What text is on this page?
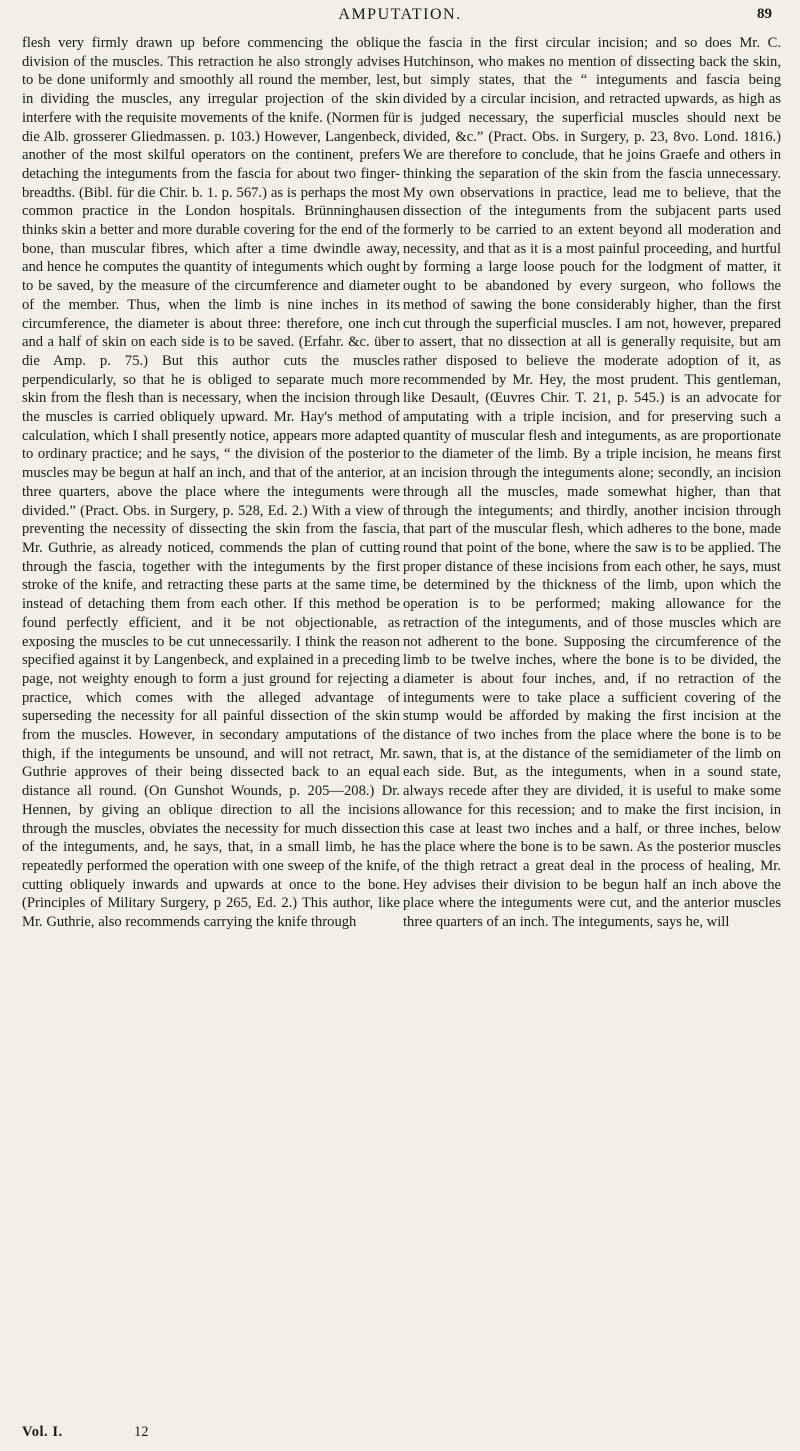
AMPUTATION.	89

flesh very firmly drawn up before commencing the oblique division of the muscles. This retraction he also strongly advises to be done uniformly and smoothly all round the member, lest, in dividing the muscles, any irregular projection of the skin interfere with the requisite movements of the knife. (Normen für die Alb. grosserer Gliedmassen. p. 103.) However, Langenbeck, another of the most skilful operators on the continent, prefers detaching the integuments from the fascia for about two finger-breadths. (Bibl. für die Chir. b. 1. p. 567.) as is perhaps the most common practice in the London hospitals. Brünninghausen thinks skin a better and more durable covering for the end of the bone, than muscular fibres, which after a time dwindle away, and hence he computes the quantity of integuments which ought to be saved, by the measure of the circumference and diameter of the member. Thus, when the limb is nine inches in its circumference, the diameter is about three: therefore, one inch and a half of skin on each side is to be saved. (Erfahr. &c. über die Amp. p. 75.) But this author cuts the muscles perpendicularly, so that he is obliged to separate much more skin from the flesh than is necessary, when the incision through the muscles is carried obliquely upward. Mr. Hay's method of calculation, which I shall presently notice, appears more adapted to ordinary practice; and he says, “ the division of the posterior muscles may be begun at half an inch, and that of the anterior, at three quarters, above the place where the integuments were divided.” (Pract. Obs. in Surgery, p. 528, Ed. 2.) With a view of preventing the necessity of dissecting the skin from the fascia, Mr. Guthrie, as already noticed, commends the plan of cutting through the fascia, together with the integuments by the first stroke of the knife, and retracting these parts at the same time, instead of detaching them from each other. If this method be found perfectly efficient, and it be not objectionable, as exposing the muscles to be cut unnecessarily. I think the reason specified against it by Langenbeck, and explained in a preceding page, not weighty enough to form a just ground for rejecting a practice, which comes with the alleged advantage of superseding the necessity for all painful dissection of the skin from the muscles. However, in secondary amputations of the thigh, if the integuments be unsound, and will not retract, Mr. Guthrie approves of their being dissected back to an equal distance all round. (On Gunshot Wounds, p. 205—208.) Dr. Hennen, by giving an oblique direction to all the incisions through the muscles, obviates the necessity for much dissection of the integuments, and, he says, that, in a small limb, he has repeatedly performed the operation with one sweep of the knife, cutting obliquely inwards and upwards at once to the bone. (Principles of Military Surgery, p 265, Ed. 2.) This author, like Mr. Guthrie, also recommends carrying the knife through

the fascia in the first circular incision; and so does Mr. C. Hutchinson, who makes no mention of dissecting back the skin, but simply states, that the “ integuments and fascia being divided by a circular incision, and retracted upwards, as high as is judged necessary, the superficial muscles should next be divided, &c.” (Pract. Obs. in Surgery, p. 23, 8vo. Lond. 1816.) We are therefore to conclude, that he joins Graefe and others in thinking the separation of the skin from the fascia unnecessary. My own observations in practice, lead me to believe, that the dissection of the integuments from the subjacent parts used formerly to be carried to an extent beyond all moderation and necessity, and that as it is a most painful proceeding, and hurtful by forming a large loose pouch for the lodgment of matter, it ought to be abandoned by every surgeon, who follows the method of sawing the bone considerably higher, than the first cut through the superficial muscles. I am not, however, prepared to assert, that no dissection at all is generally requisite, but am rather disposed to believe the moderate adoption of it, as recommended by Mr. Hey, the most prudent. This gentleman, like Desault, (Œuvres Chir. T. 21, p. 545.) is an advocate for amputating with a triple incision, and for preserving such a quantity of muscular flesh and integuments, as are proportionate to the diameter of the limb. By a triple incision, he means first an incision through the integuments alone; secondly, an incision through all the muscles, made somewhat higher, than that through the integuments; and thirdly, another incision through that part of the muscular flesh, which adheres to the bone, made round that point of the bone, where the saw is to be applied. The proper distance of these incisions from each other, he says, must be determined by the thickness of the limb, upon which the operation is to be performed; making allowance for the retraction of the integuments, and of those muscles which are not adherent to the bone. Supposing the circumference of the limb to be twelve inches, where the bone is to be divided, the diameter is about four inches, and, if no retraction of the integuments were to take place a sufficient covering of the stump would be afforded by making the first incision at the distance of two inches from the place where the bone is to be sawn, that is, at the distance of the semidiameter of the limb on each side. But, as the integuments, when in a sound state, always recede after they are divided, it is useful to make some allowance for this recession; and to make the first incision, in this case at least two inches and a half, or three inches, below the place where the bone is to be sawn. As the posterior muscles of the thigh retract a great deal in the process of healing, Mr. Hey advises their division to be begun half an inch above the place where the integuments were cut, and the anterior muscles three quarters of an inch. The integuments, says he, will

Vol. I.	12
